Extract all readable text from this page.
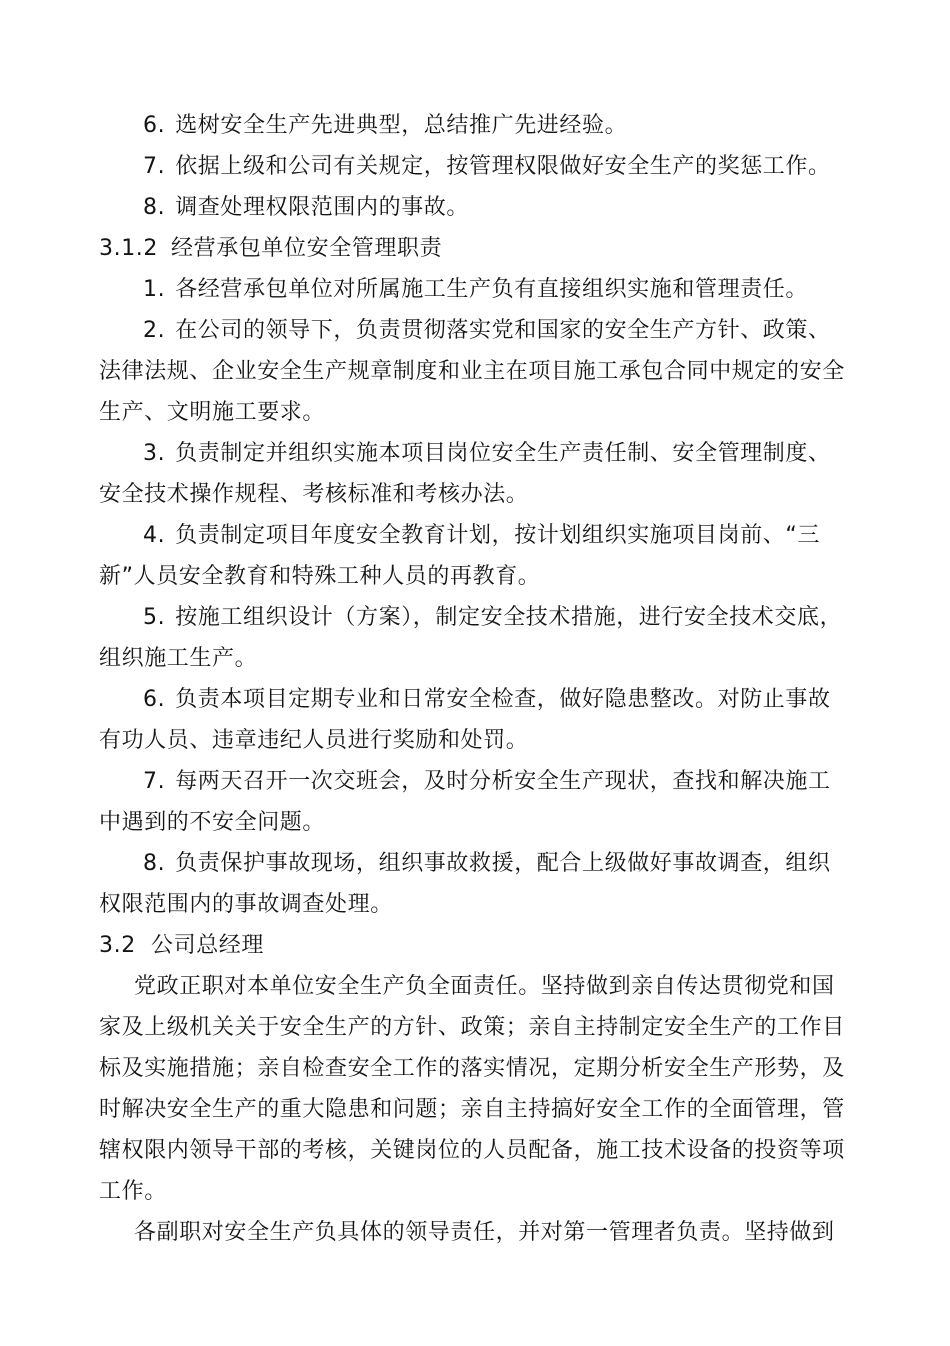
6. 选树安全生产先进典型，总结推广先进经验。
7. 依据上级和公司有关规定，按管理权限做好安全生产的奖惩工作。
8. 调查处理权限范围内的事故。
3.1.2 经营承包单位安全管理职责
1. 各经营承包单位对所属施工生产负有直接组织实施和管理责任。
2. 在公司的领导下，负责贯彻落实党和国家的安全生产方针、政策、
法律法规、企业安全生产规章制度和业主在项目施工承包合同中规定的安全
生产、文明施工要求。
3. 负责制定并组织实施本项目岗位安全生产责任制、安全管理制度、
安全技术操作规程、考核标准和考核办法。
4. 负责制定项目年度安全教育计划，按计划组织实施项目岗前、“三
新”人员安全教育和特殊工种人员的再教育。
5. 按施工组织设计（方案），制定安全技术措施，进行安全技术交底，
组织施工生产。
6. 负责本项目定期专业和日常安全检查，做好隐患整改。对防止事故
有功人员、违章违纪人员进行奖励和处罚。
7. 每两天召开一次交班会，及时分析安全生产现状，查找和解决施工
中遇到的不安全问题。
8. 负责保护事故现场，组织事故救援，配合上级做好事故调查，组织
权限范围内的事故调查处理。
3.2 公司总经理
党政正职对本单位安全生产负全面责任。坚持做到亲自传达贯彻党和国
家及上级机关关于安全生产的方针、政策；亲自主持制定安全生产的工作目
标及实施措施；亲自检查安全工作的落实情况，定期分析安全生产形势，及
时解决安全生产的重大隐患和问题；亲自主持搞好安全工作的全面管理，管
辖权限内领导干部的考核，关键岗位的人员配备，施工技术设备的投资等项
工作。
各副职对安全生产负具体的领导责任，并对第一管理者负责。坚持做到
